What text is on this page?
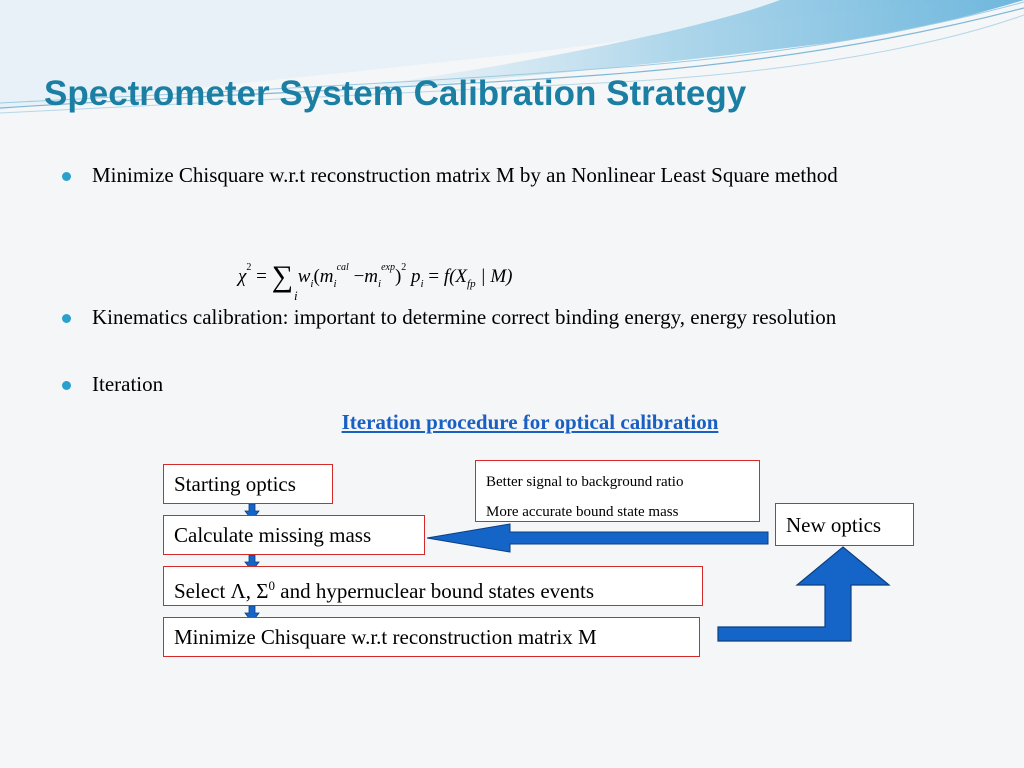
Spectrometer System Calibration Strategy
Minimize Chisquare w.r.t reconstruction matrix M by an Nonlinear Least Square method
$\chi^2$ = ∑
i
$w_i(m_i^{cal} -m_i^{exp})^2$ $p_i = f(X_{fp}$ | M)
Kinematics calibration: important to determine correct binding energy, energy resolution
Iteration
Iteration procedure for optical calibration
Starting optics
Calculate missing mass
Select Λ, $\Sigma^0$ and hypernuclear bound states events
Minimize Chisquare w.r.t reconstruction matrix M
Better signal to background ratio
More accurate bound state mass
New optics
